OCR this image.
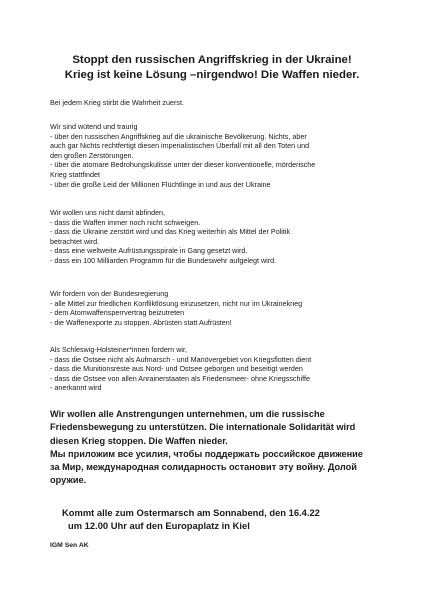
Stoppt den russischen Angriffskrieg in der Ukraine!
Krieg ist keine Lösung –nirgendwo! Die Waffen nieder.

Bei jedem Krieg stirbt die Wahrheit zuerst.

Wir sind wütend und traurig

- über den russischen Angriffskrieg auf die ukrainische Bevölkerung. Nichts, aber

auch gar Nichts rechtfertigt diesen imperialistischen Überfall mit all den Toten und

den großen Zerstörungen.

- über die atomare Bedrohungskulisse unter der dieser konventionelle, mörderische

Krieg stattfindet

- über die große Leid der Millionen Flüchtlinge in und aus der Ukraine

Wir wollen uns nicht damit abfinden,

- dass die Waffen immer noch nicht schweigen.

- dass die Ukraine zerstört wird und das Krieg weiterhin als Mittel der Politik

betrachtet wird.

- dass eine weltweite Aufrüstungsspirale in Gang gesetzt wird.

- dass ein 100 Milliarden Programm für die Bundeswehr aufgelegt wird.

Wir fordern von der Bundesregierung

- alle Mittel zur friedlichen Konfliktlösung einzusetzen, nicht nur im Ukrainekrieg

- dem Atomwaffensperrvertrag beizutreten

- die Waffenexporte zu stoppen. Abrüsten statt Aufrüsten!

Als Schleswig-Holsteiner*innen fordern wir,

- dass die Ostsee nicht als Aufmarsch - und Manövergebiet von Kriegsflotten dient

- dass die Munitionsreste aus Nord- und Ostsee geborgen und beseitigt werden

- dass die Ostsee von allen Anrainerstaaten als Friedensmeer- ohne Kriegsschiffe

- anerkannt wird

Wir wollen alle Anstrengungen unternehmen, um die russische

Friedensbewegung zu unterstützen. Die internationale Solidarität wird

diesen Krieg stoppen. Die Waffen nieder.

Мы приложим все усилия, чтобы поддержать российское движение

за Мир, международная солидарность остановит эту войну. Долой

оружие.

Kommt alle zum Ostermarsch am Sonnabend, den 16.4.22

um 12.00 Uhr auf den Europaplatz in Kiel

IGM Sen AK
